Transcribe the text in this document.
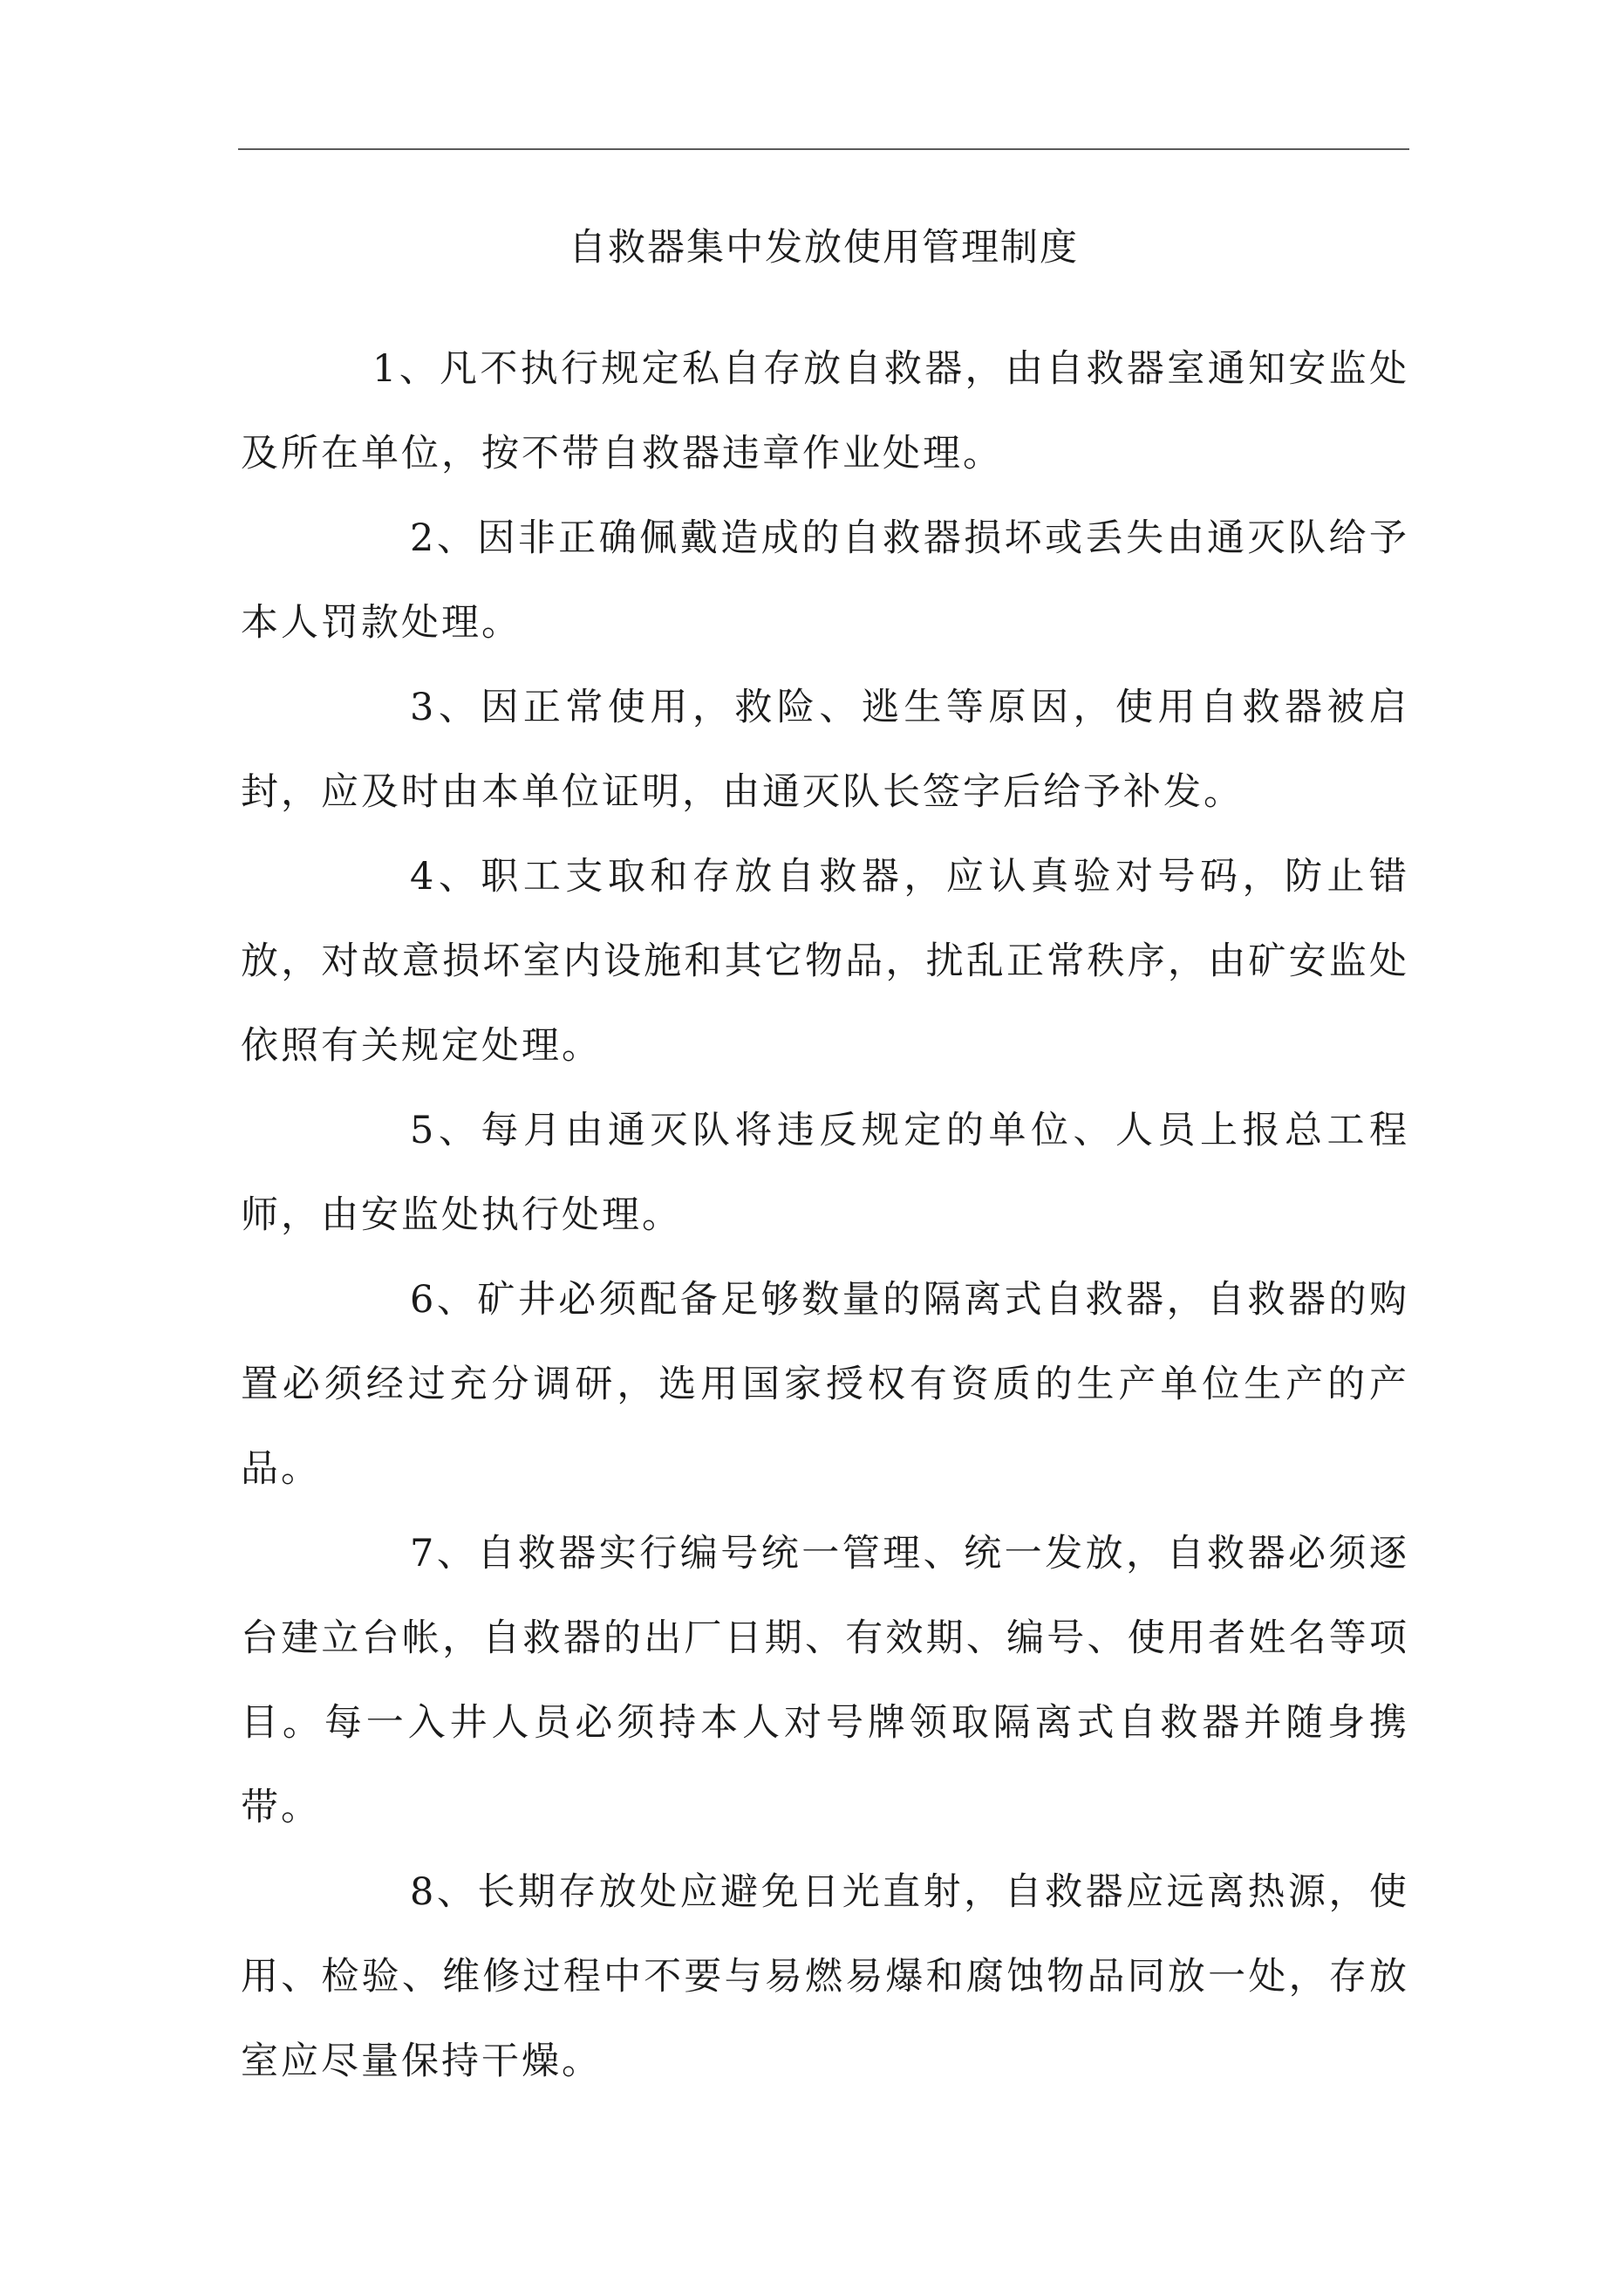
自救器集中发放使用管理制度

1、凡不执行规定私自存放自救器，由自救器室通知安监处及所在单位，按不带自救器违章作业处理。

2、因非正确佩戴造成的自救器损坏或丢失由通灭队给予本人罚款处理。

3、因正常使用，救险、逃生等原因，使用自救器被启封，应及时由本单位证明，由通灭队长签字后给予补发。

4、职工支取和存放自救器，应认真验对号码，防止错放，对故意损坏室内设施和其它物品，扰乱正常秩序，由矿安监处依照有关规定处理。

5、每月由通灭队将违反规定的单位、人员上报总工程师，由安监处执行处理。

6、矿井必须配备足够数量的隔离式自救器，自救器的购置必须经过充分调研，选用国家授权有资质的生产单位生产的产品。

7、自救器实行编号统一管理、统一发放，自救器必须逐台建立台帐，自救器的出厂日期、有效期、编号、使用者姓名等项目。每一入井人员必须持本人对号牌领取隔离式自救器并随身携带。

8、长期存放处应避免日光直射，自救器应远离热源，使用、检验、维修过程中不要与易燃易爆和腐蚀物品同放一处，存放室应尽量保持干燥。
